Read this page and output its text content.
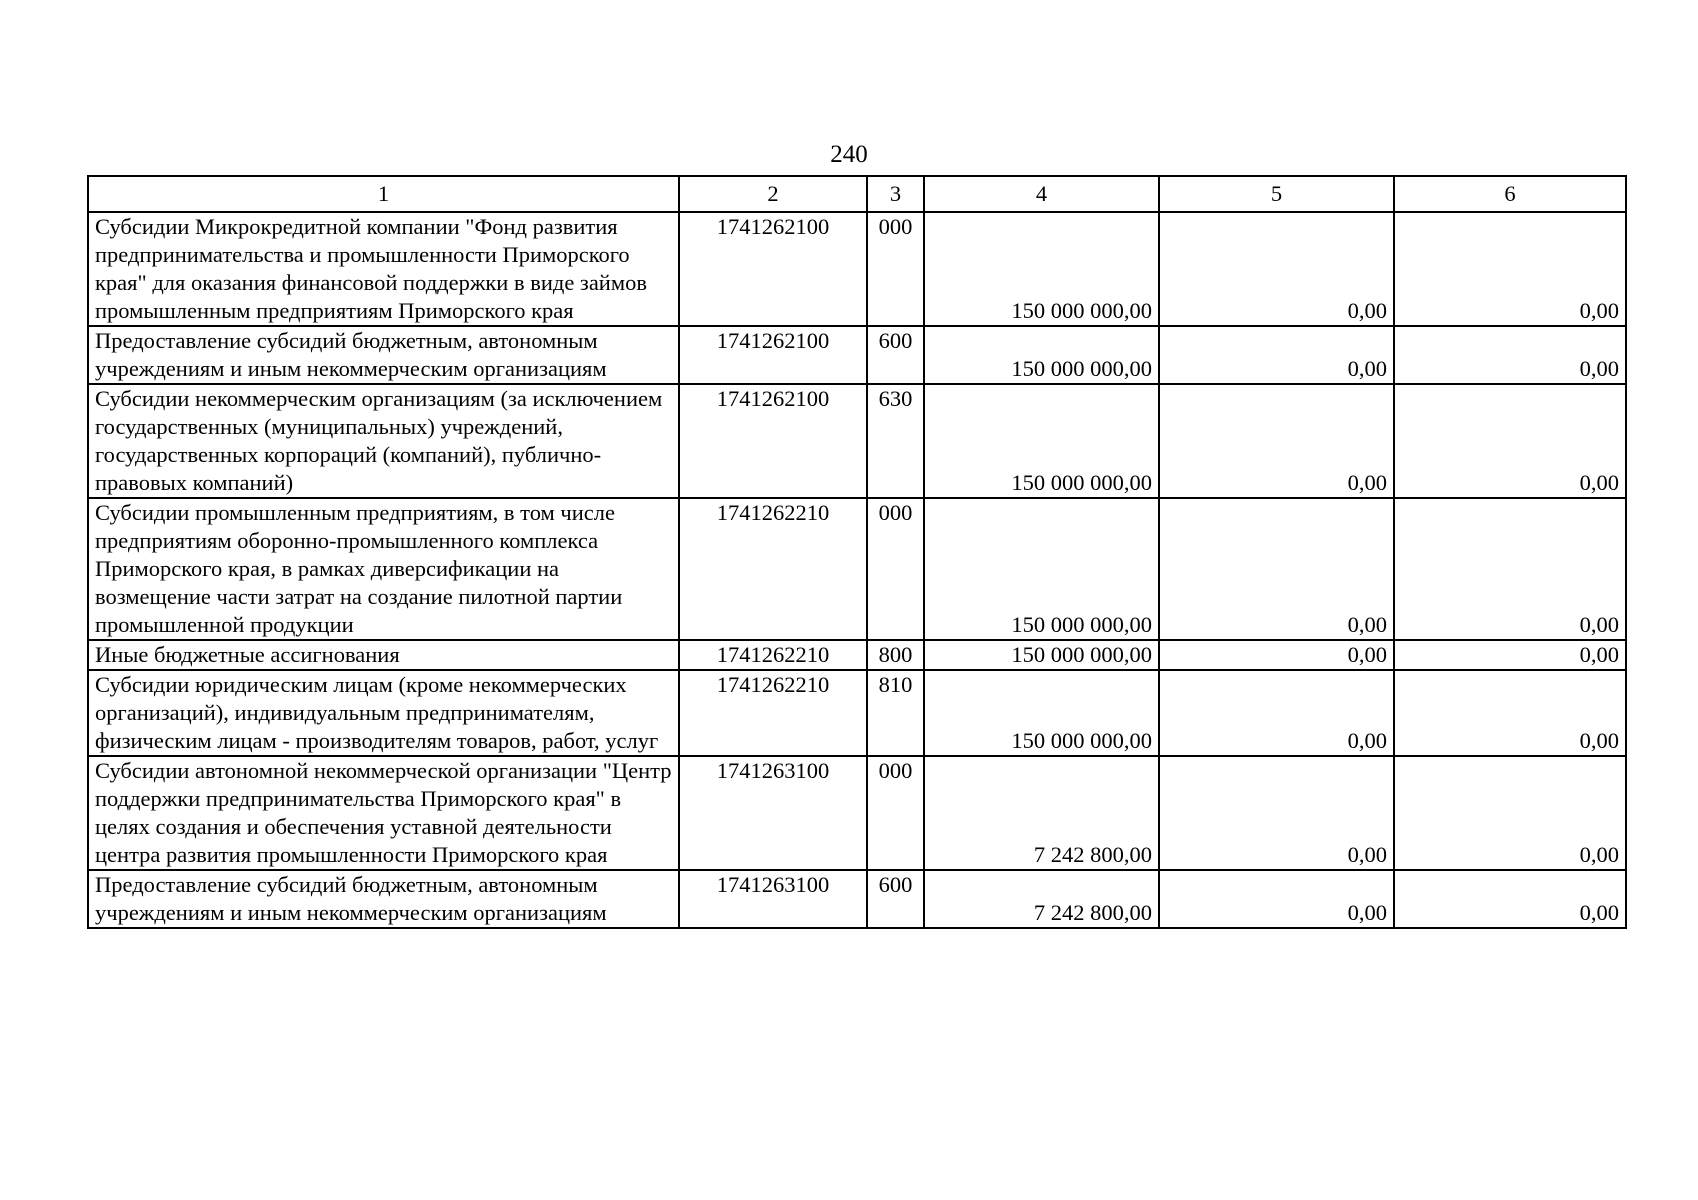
240
1	2	3	4	5	6
Субсидии Микрокредитной компании "Фонд развития предпринимательства и промышленности Приморского края" для оказания финансовой поддержки в виде займов промышленным предприятиям Приморского края	1741262100	000	150 000 000,00	0,00	0,00
Предоставление субсидий бюджетным, автономным учреждениям и иным некоммерческим организациям	1741262100	600	150 000 000,00	0,00	0,00
Субсидии некоммерческим организациям (за исключением государственных (муниципальных) учреждений, государственных корпораций (компаний), публично-правовых компаний)	1741262100	630	150 000 000,00	0,00	0,00
Субсидии промышленным предприятиям, в том числе предприятиям оборонно-промышленного комплекса Приморского края, в рамках диверсификации на возмещение части затрат на создание пилотной партии промышленной продукции	1741262210	000	150 000 000,00	0,00	0,00
Иные бюджетные ассигнования	1741262210	800	150 000 000,00	0,00	0,00
Субсидии юридическим лицам (кроме некоммерческих организаций), индивидуальным предпринимателям, физическим лицам - производителям товаров, работ, услуг	1741262210	810	150 000 000,00	0,00	0,00
Субсидии автономной некоммерческой организации "Центр поддержки предпринимательства Приморского края" в целях создания и обеспечения уставной деятельности центра развития промышленности Приморского края	1741263100	000	7 242 800,00	0,00	0,00
Предоставление субсидий бюджетным, автономным учреждениям и иным некоммерческим организациям	1741263100	600	7 242 800,00	0,00	0,00
